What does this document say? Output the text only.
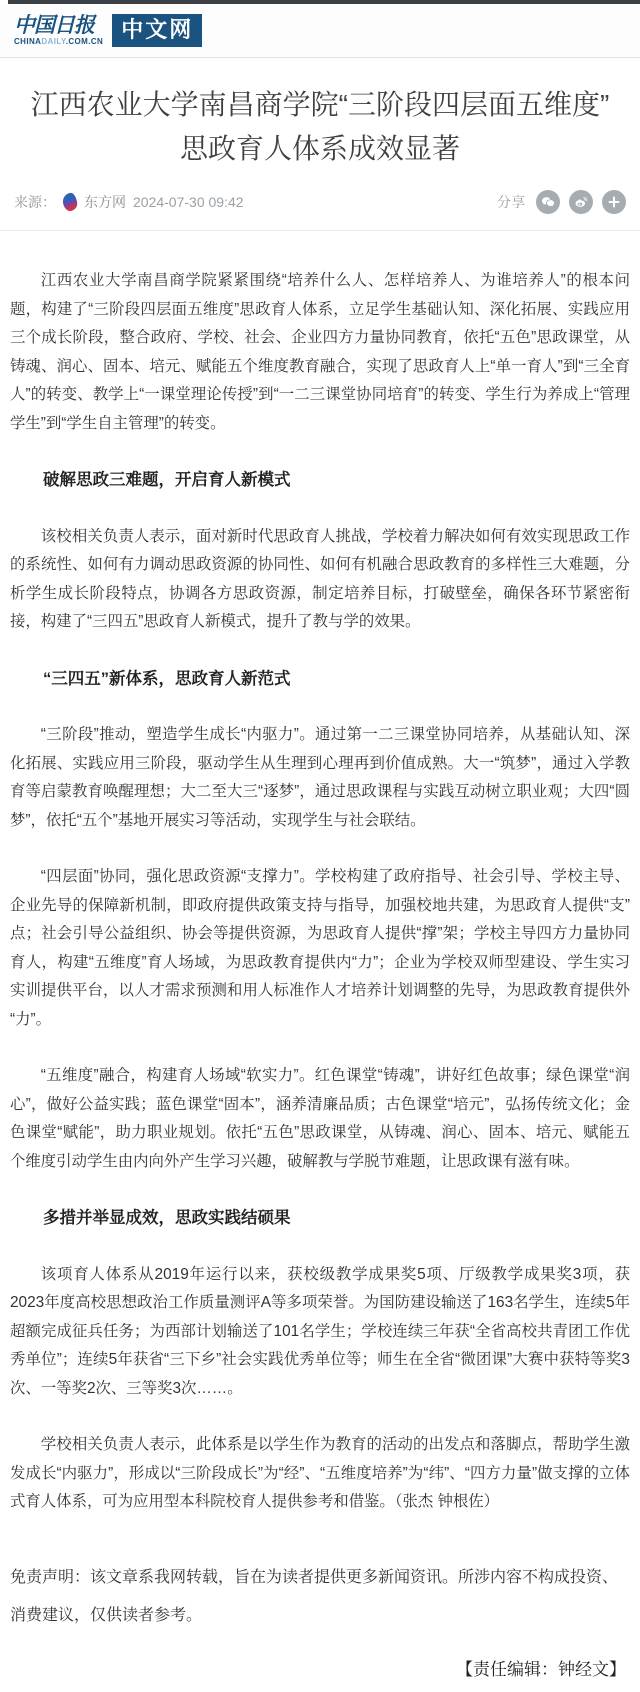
中国日报
CHINADAILY.COM.CN 中文网
江西农业大学南昌商学院“三阶段四层面五维度”思政育人体系成效显著
来源： 东方网 2024-07-30 09:42	分享

江西农业大学南昌商学院紧紧围绕“培养什么人、怎样培养人、为谁培养人”的根本问题，构建了“三阶段四层面五维度”思政育人体系，立足学生基础认知、深化拓展、实践应用三个成长阶段，整合政府、学校、社会、企业四方力量协同教育，依托“五色”思政课堂，从铸魂、润心、固本、培元、赋能五个维度教育融合，实现了思政育人上“单一育人”到“三全育人”的转变、教学上“一课堂理论传授”到“一二三课堂协同培育”的转变、学生行为养成上“管理学生”到“学生自主管理”的转变。

破解思政三难题，开启育人新模式

该校相关负责人表示，面对新时代思政育人挑战，学校着力解决如何有效实现思政工作的系统性、如何有力调动思政资源的协同性、如何有机融合思政教育的多样性三大难题，分析学生成长阶段特点，协调各方思政资源，制定培养目标，打破壁垒，确保各环节紧密衔接，构建了“三四五”思政育人新模式，提升了教与学的效果。

“三四五”新体系，思政育人新范式

“三阶段”推动，塑造学生成长“内驱力”。通过第一二三课堂协同培养，从基础认知、深化拓展、实践应用三阶段，驱动学生从生理到心理再到价值成熟。大一“筑梦”，通过入学教育等启蒙教育唤醒理想；大二至大三“逐梦”，通过思政课程与实践互动树立职业观；大四“圆梦”，依托“五个”基地开展实习等活动，实现学生与社会联结。

“四层面”协同，强化思政资源“支撑力”。学校构建了政府指导、社会引导、学校主导、企业先导的保障新机制，即政府提供政策支持与指导，加强校地共建，为思政育人提供“支”点；社会引导公益组织、协会等提供资源，为思政育人提供“撑”架；学校主导四方力量协同育人，构建“五维度”育人场域，为思政教育提供内“力”；企业为学校双师型建设、学生实习实训提供平台，以人才需求预测和用人标准作人才培养计划调整的先导，为思政教育提供外“力”。

“五维度”融合，构建育人场域“软实力”。红色课堂“铸魂”，讲好红色故事；绿色课堂“润心”，做好公益实践；蓝色课堂“固本”，涵养清廉品质；古色课堂“培元”，弘扬传统文化；金色课堂“赋能”，助力职业规划。依托“五色”思政课堂，从铸魂、润心、固本、培元、赋能五个维度引动学生由内向外产生学习兴趣，破解教与学脱节难题，让思政课有滋有味。

多措并举显成效，思政实践结硕果

该项育人体系从2019年运行以来，获校级教学成果奖5项、厅级教学成果奖3项，获2023年度高校思想政治工作质量测评A等多项荣誉。为国防建设输送了163名学生，连续5年超额完成征兵任务；为西部计划输送了101名学生；学校连续三年获“全省高校共青团工作优秀单位”；连续5年获省“三下乡”社会实践优秀单位等；师生在全省“微团课”大赛中获特等奖3次、一等奖2次、三等奖3次……。

学校相关负责人表示，此体系是以学生作为教育的活动的出发点和落脚点，帮助学生激发成长“内驱力”，形成以“三阶段成长”为“经”、“五维度培养”为“纬”、“四方力量”做支撑的立体式育人体系，可为应用型本科院校育人提供参考和借鉴。（张杰 钟根佐）

免责声明：该文章系我网转载，旨在为读者提供更多新闻资讯。所涉内容不构成投资、消费建议，仅供读者参考。

【责任编辑：钟经文】
